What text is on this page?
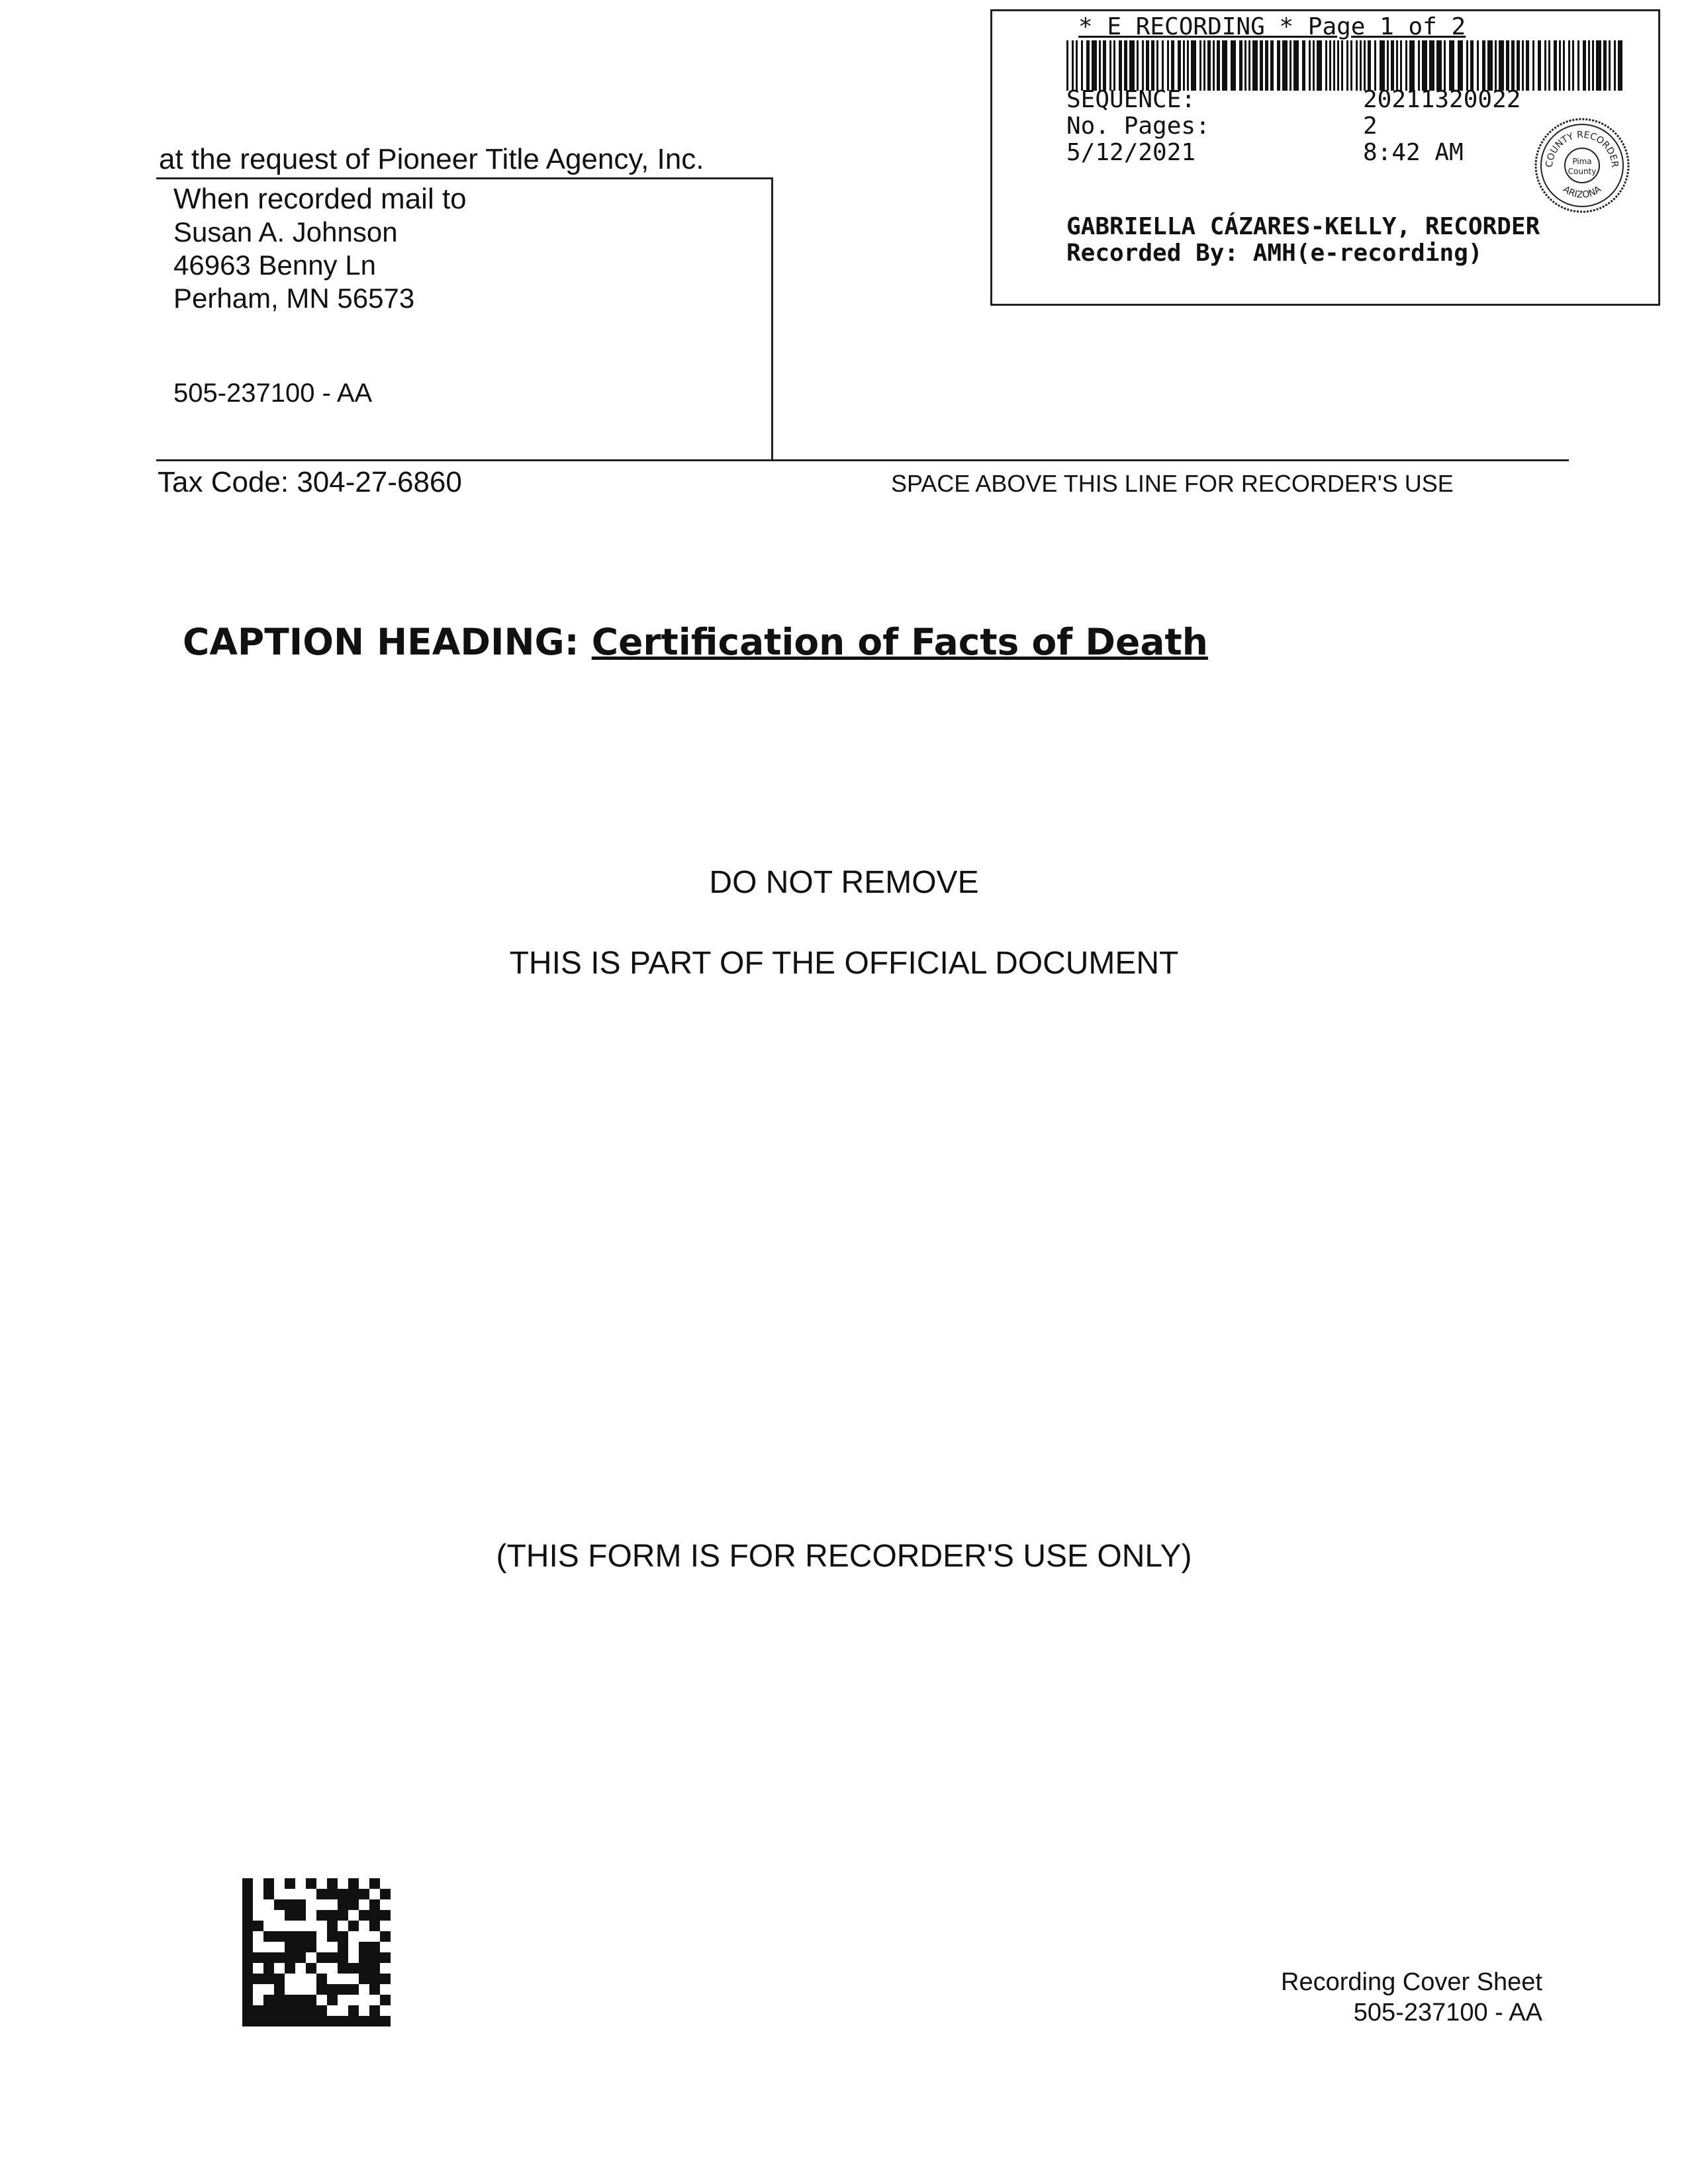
* E RECORDING * Page 1 of 2
SEQUENCE:	20211320022
No. Pages:	2
5/12/2021	8:42 AM	COUNTY RECORDER
ARIZONA
Pima
County
GABRIELLA CÁZARES-KELLY, RECORDER
Recorded By: AMH(e-recording)
at the request of Pioneer Title Agency, Inc.
When recorded mail to
Susan A. Johnson
46963 Benny Ln
Perham, MN 56573
505-237100 - AA
Tax Code: 304-27-6860	SPACE ABOVE THIS LINE FOR RECORDER'S USE
CAPTION HEADING: Certification of Facts of Death
DO NOT REMOVE
THIS IS PART OF THE OFFICIAL DOCUMENT
(THIS FORM IS FOR RECORDER'S USE ONLY)
Recording Cover Sheet
505-237100 - AA
